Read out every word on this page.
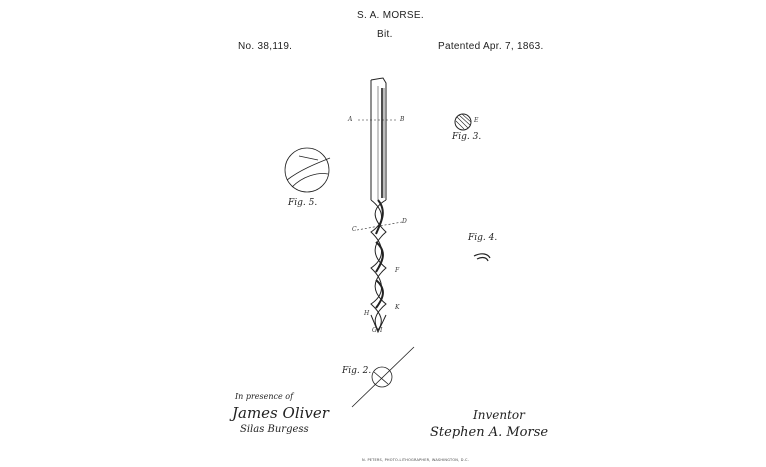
S. A. MORSE.
Bit.
No. 38,119.	Patented Apr. 7, 1863.
Fig. 3.
Fig. 5.
Fig. 4.
Fig. 2.
A	B
C
D
E
F
H
K
I
G
In presence of
James Oliver
Silas Burgess
Inventor
Stephen A. Morse
N. PETERS, PHOTO-LITHOGRAPHER, WASHINGTON, D.C.
